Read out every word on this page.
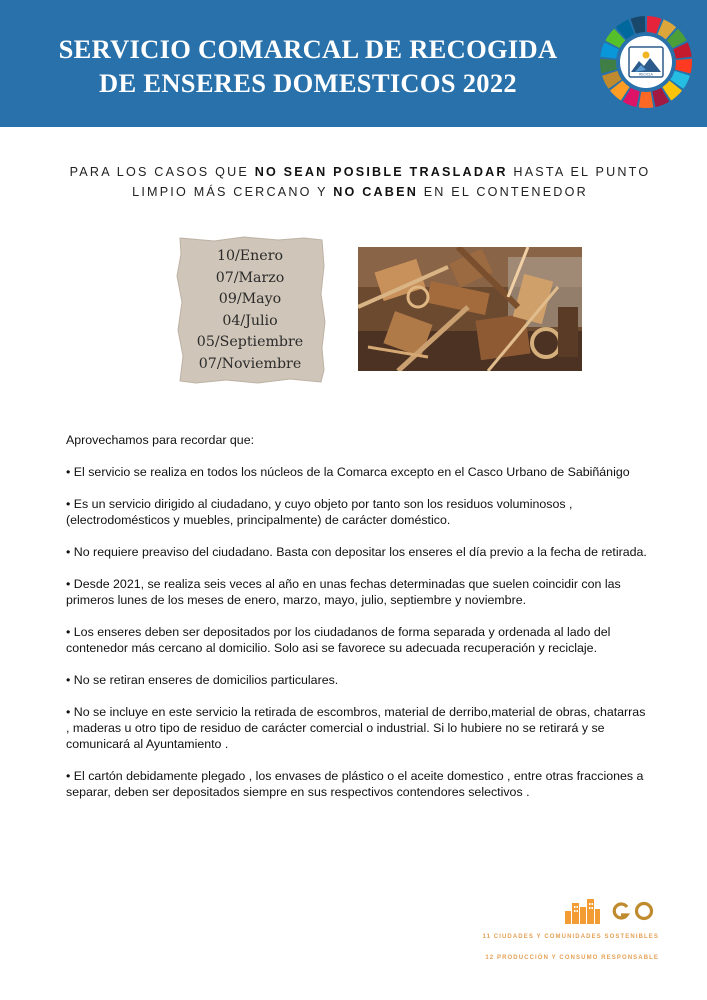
SERVICIO COMARCAL DE RECOGIDA
DE ENSERES DOMESTICOS 2022	RECICLA
PARA LOS CASOS QUE NO SEAN POSIBLE TRASLADAR HASTA EL PUNTO LIMPIO MÁS CERCANO Y NO CABEN EN EL CONTENEDOR
10/Enero
07/Marzo
09/Mayo
04/Julio
05/Septiembre
07/Noviembre

Aprovechamos para recordar que:

• El servicio se realiza en todos los núcleos de la Comarca excepto en el Casco Urbano de Sabiñánigo

• Es un servicio dirigido al ciudadano, y cuyo objeto por tanto son los residuos voluminosos , (electrodomésticos y muebles, principalmente) de carácter doméstico.

• No requiere preaviso del ciudadano. Basta con depositar los enseres el día previo a la fecha de retirada.

• Desde 2021, se realiza seis veces al año en unas fechas determinadas que suelen coincidir con las primeros lunes de los meses de enero, marzo, mayo, julio, septiembre y noviembre.

• Los enseres deben ser depositados por los ciudadanos de forma separada y ordenada al lado del contenedor más cercano al domicilio. Solo asi se favorece su adecuada recuperación y reciclaje.

• No se retiran enseres de domicilios particulares.

• No se incluye en este servicio la retirada de escombros, material de derribo,material de obras, chatarras , maderas u otro tipo de residuo de carácter comercial o industrial. Si lo hubiere no se retirará y se comunicará al Ayuntamiento .

• El cartón debidamente plegado , los envases de plástico o el aceite domestico , entre otras fracciones a separar, deben ser depositados siempre en sus respectivos contendores selectivos .

11 CIUDADES Y COMUNIDADES SOSTENIBLES
12 PRODUCCIÓN Y CONSUMO RESPONSABLE
